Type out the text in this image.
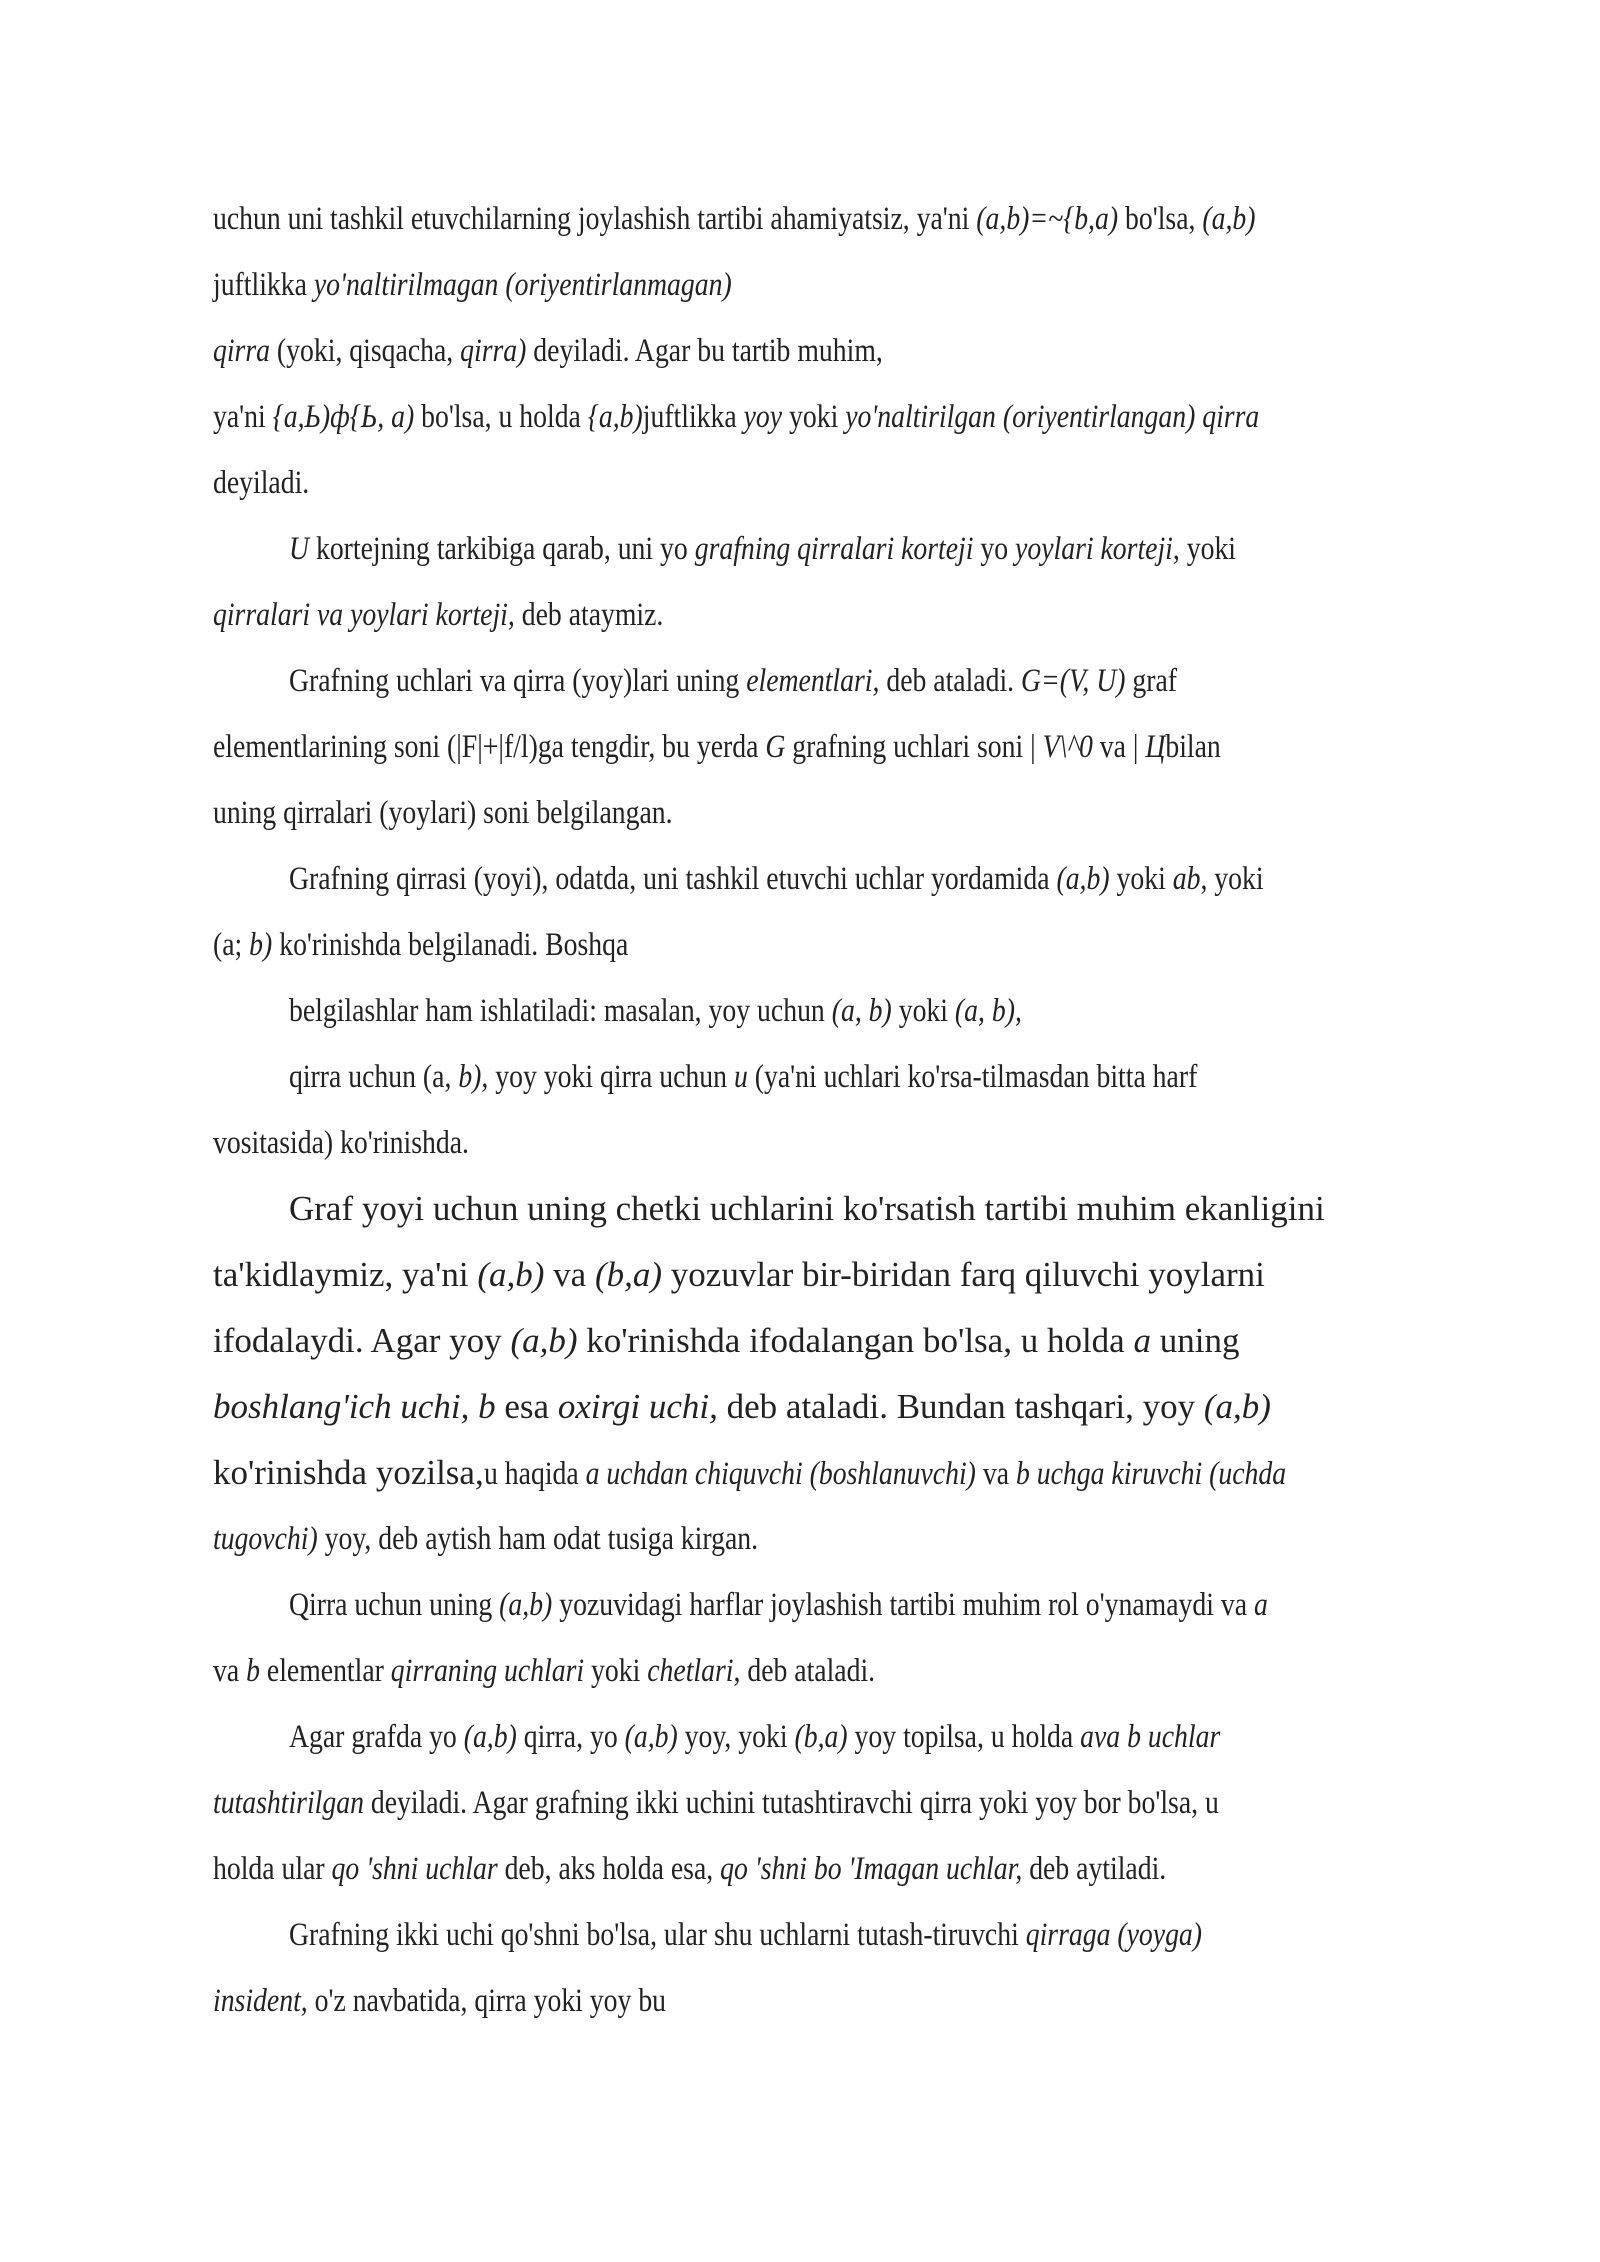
uchun uni tashkil etuvchilarning joylashish tartibi ahamiyatsiz, ya'ni (a,b)=~{b,a) bo'lsa, (a,b)
juftlikka yo'naltirilmagan (oriyentirlanmagan)
qirra (yoki, qisqacha, qirra) deyiladi. Agar bu tartib muhim,
ya'ni {a,Ь)ф{Ь, a) bo'lsa, u holda {a,b)juftlikka yoy yoki yo'naltirilgan (oriyentirlangan) qirra
deyiladi.

U kortejning tarkibiga qarab, uni yo grafning qirralari korteji yo yoylari korteji, yoki
qirralari va yoylari korteji, deb ataymiz.

Grafning uchlari va qirra (yoy)lari uning elementlari, deb ataladi. G=(V, U) graf
elementlarining soni (|F|+|f/l)ga tengdir, bu yerda G grafning uchlari soni | V\^0 va | Цbilan
uning qirralari (yoylari) soni belgilangan.

Grafning qirrasi (yoyi), odatda, uni tashkil etuvchi uchlar yordamida (a,b) yoki ab, yoki
(a; b) ko'rinishda belgilanadi. Boshqa

belgilashlar ham ishlatiladi: masalan, yoy uchun (a, b) yoki (a, b),

qirra uchun (a, b), yoy yoki qirra uchun u (ya'ni uchlari ko'rsa-tilmasdan bitta harf
vositasida) ko'rinishda.

Graf yoyi uchun uning chetki uchlarini ko'rsatish tartibi muhim ekanligini
ta'kidlaymiz, ya'ni (a,b) va (b,a) yozuvlar bir-biridan farq qiluvchi yoylarni
ifodalaydi. Agar yoy (a,b) ko'rinishda ifodalangan bo'lsa, u holda a uning
boshlang'ich uchi, b esa oxirgi uchi, deb ataladi. Bundan tashqari, yoy (a,b)
ko'rinishda yozilsa,u haqida a uchdan chiquvchi (boshlanuvchi) va b uchga kiruvchi (uchda
tugovchi) yoy, deb aytish ham odat tusiga kirgan.

Qirra uchun uning (a,b) yozuvidagi harflar joylashish tartibi muhim rol o'ynamaydi va a
va b elementlar qirraning uchlari yoki chetlari, deb ataladi.

Agar grafda yo (a,b) qirra, yo (a,b) yoy, yoki (b,a) yoy topilsa, u holda ava b uchlar
tutashtirilgan deyiladi. Agar grafning ikki uchini tutashtiravchi qirra yoki yoy bor bo'lsa, u
holda ular qo 'shni uchlar deb, aks holda esa, qo 'shni bo 'Imagan uchlar, deb aytiladi.

Grafning ikki uchi qo'shni bo'lsa, ular shu uchlarni tutash-tiruvchi qirraga (yoyga)
insident, o'z navbatida, qirra yoki yoy bu
